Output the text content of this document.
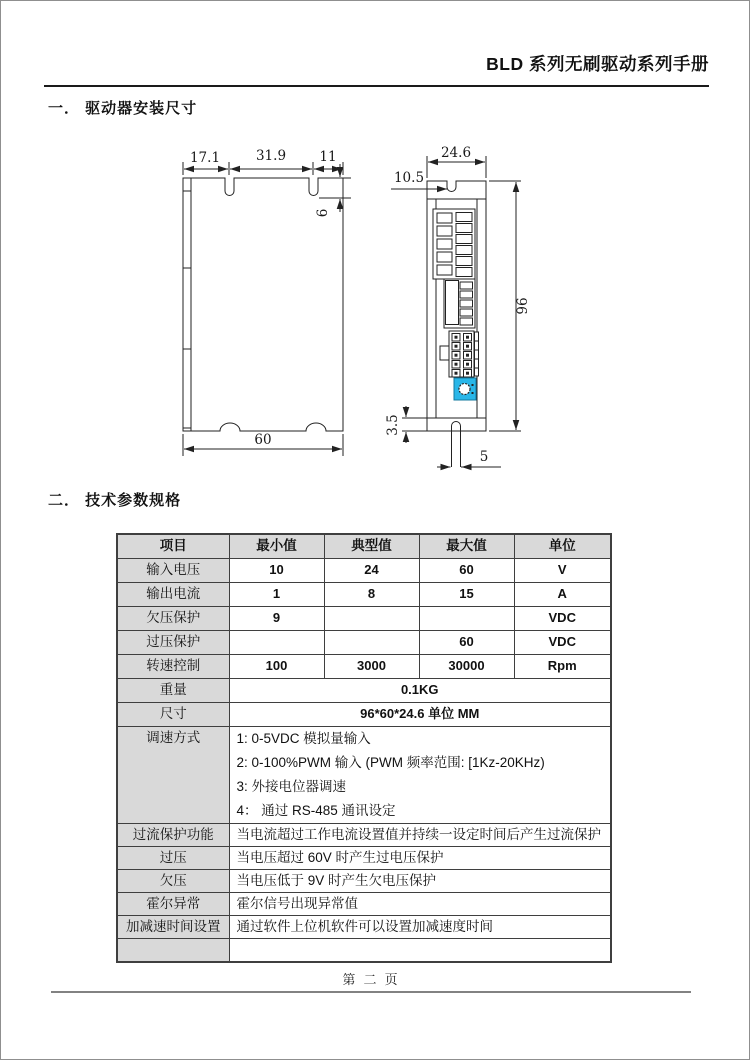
BLD 系列无刷驱动系列手册
一． 驱动器安装尺寸
17.1	31.9 11
6
60
24.6
10.5
96
3.5
5
二． 技术参数规格
项目	最小值	典型值	最大值	单位
输入电压	10	24	60	V
输出电流	1	8	15	A
欠压保护	9			VDC
过压保护			60	VDC
转速控制	100	3000	30000	Rpm
重量	0.1KG			
尺寸	96*60*24.6 单位 MM			
调速方式	1: 0-5VDC 模拟量输入
2: 0-100%PWM 输入 (PWM 频率范围: [1Kz-20KHz)
3: 外接电位器调速
4： 通过 RS-485 通讯设定			

过流保护功能	当电流超过工作电流设置值并持续一设定时间后产生过流保护			
过压	当电压超过 60V 时产生过电压保护			
欠压	当电压低于 9V 时产生欠电压保护			
霍尔异常	霍尔信号出现异常值			
加减速时间设置	通过软件上位机软件可以设置加减速度时间			

第 二 页
